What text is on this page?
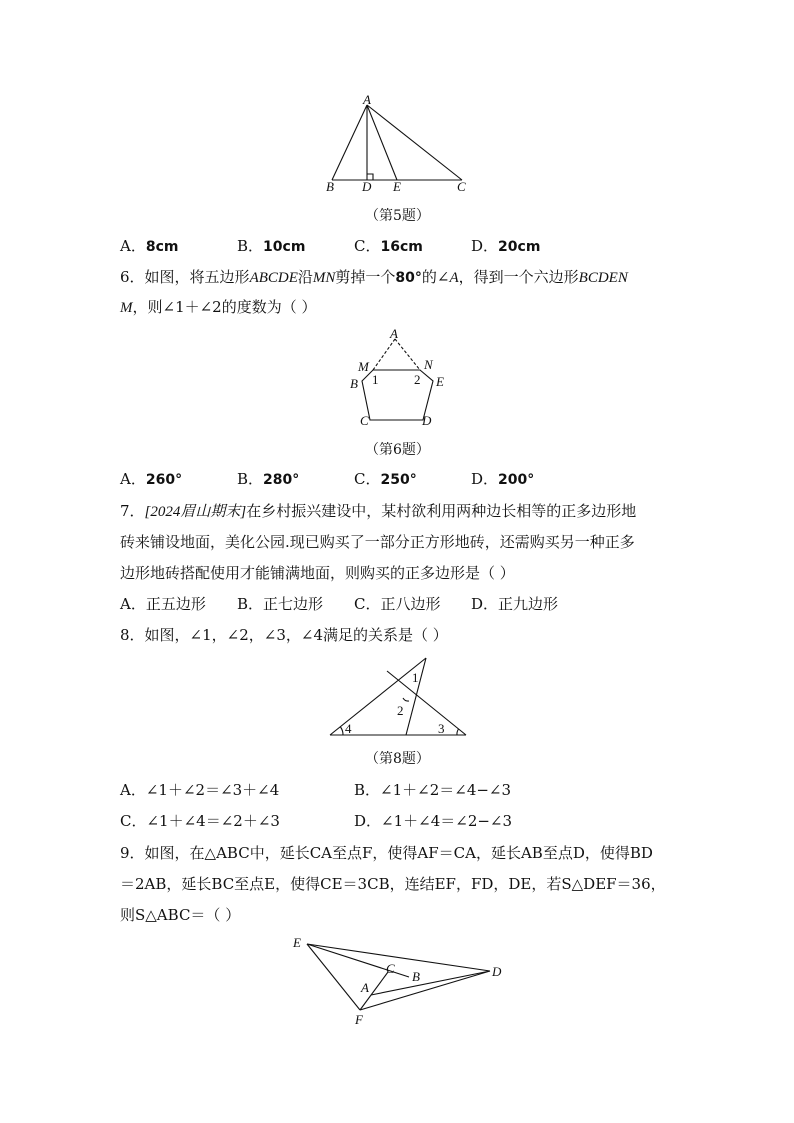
A
B D E	C
（第5题）
A．8cm	B．10cm	C．16cm	D．20cm
6．如图，将五边形ABCDE沿MN剪掉一个80°的∠A，得到一个六边形BCDEN
M，则∠1＋∠2的度数为（ ）
A
M	N
B	E
C	D
1	2
（第6题）
A．260°	B．280°	C．250°	D．200°
7．[2024眉山期末]在乡村振兴建设中，某村欲利用两种边长相等的正多边形地
砖来铺设地面，美化公园.现已购买了一部分正方形地砖，还需购买另一种正多
边形地砖搭配使用才能铺满地面，则购买的正多边形是（ ）
A．正五边形 B．正七边形 C．正八边形 D．正九边形
8．如图，∠1，∠2，∠3，∠4满足的关系是（ ）
1
2
3
4
（第8题）
A．∠1＋∠2＝∠3＋∠4	B．∠1＋∠2＝∠4−∠3
C．∠1＋∠4＝∠2＋∠3	D．∠1＋∠4＝∠2−∠3
9．如图，在△ABC中，延长CA至点F，使得AF＝CA，延长AB至点D，使得BD
＝2AB，延长BC至点E，使得CE＝3CB，连结EF，FD，DE，若S△DEF＝36，
则S△ABC＝（ ）
E
C
B	D
A
F
